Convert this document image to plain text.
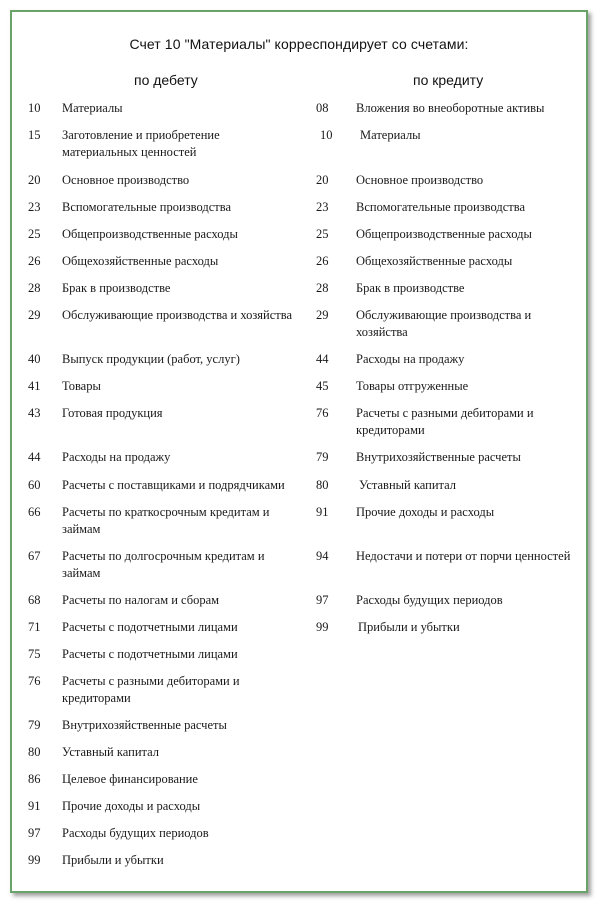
Счет 10 "Материалы" корреспондирует со счетами:
по дебету	по кредиту
10 Материалы
15 Заготовление и приобретение материальных ценностей
20 Основное производство
23 Вспомогательные производства
25 Общепроизводственные расходы
26 Общехозяйственные расходы
28 Брак в производстве
29 Обслуживающие производства и хозяйства
40 Выпуск продукции (работ, услуг)
41 Товары
43 Готовая продукция
44 Расходы на продажу
60 Расчеты с поставщиками и подрядчиками
66 Расчеты по краткосрочным кредитам и займам
67 Расчеты по долгосрочным кредитам и займам
68 Расчеты по налогам и сборам
71 Расчеты с подотчетными лицами
75 Расчеты с подотчетными лицами
76 Расчеты с разными дебиторами и кредиторами
79 Внутрихозяйственные расчеты
80 Уставный капитал
86 Целевое финансирование
91 Прочие доходы и расходы
97 Расходы будущих периодов
99 Прибыли и убытки
08 Вложения во внеоборотные активы
10 Материалы
20 Основное производство
23 Вспомогательные производства
25 Общепроизводственные расходы
26 Общехозяйственные расходы
28 Брак в производстве
29 Обслуживающие производства и хозяйства
44 Расходы на продажу
45 Товары отгруженные
76 Расчеты с разными дебиторами и кредиторами
79 Внутрихозяйственные расчеты
80 Уставный капитал
91 Прочие доходы и расходы
94 Недостачи и потери от порчи ценностей
97 Расходы будущих периодов
99 Прибыли и убытки
